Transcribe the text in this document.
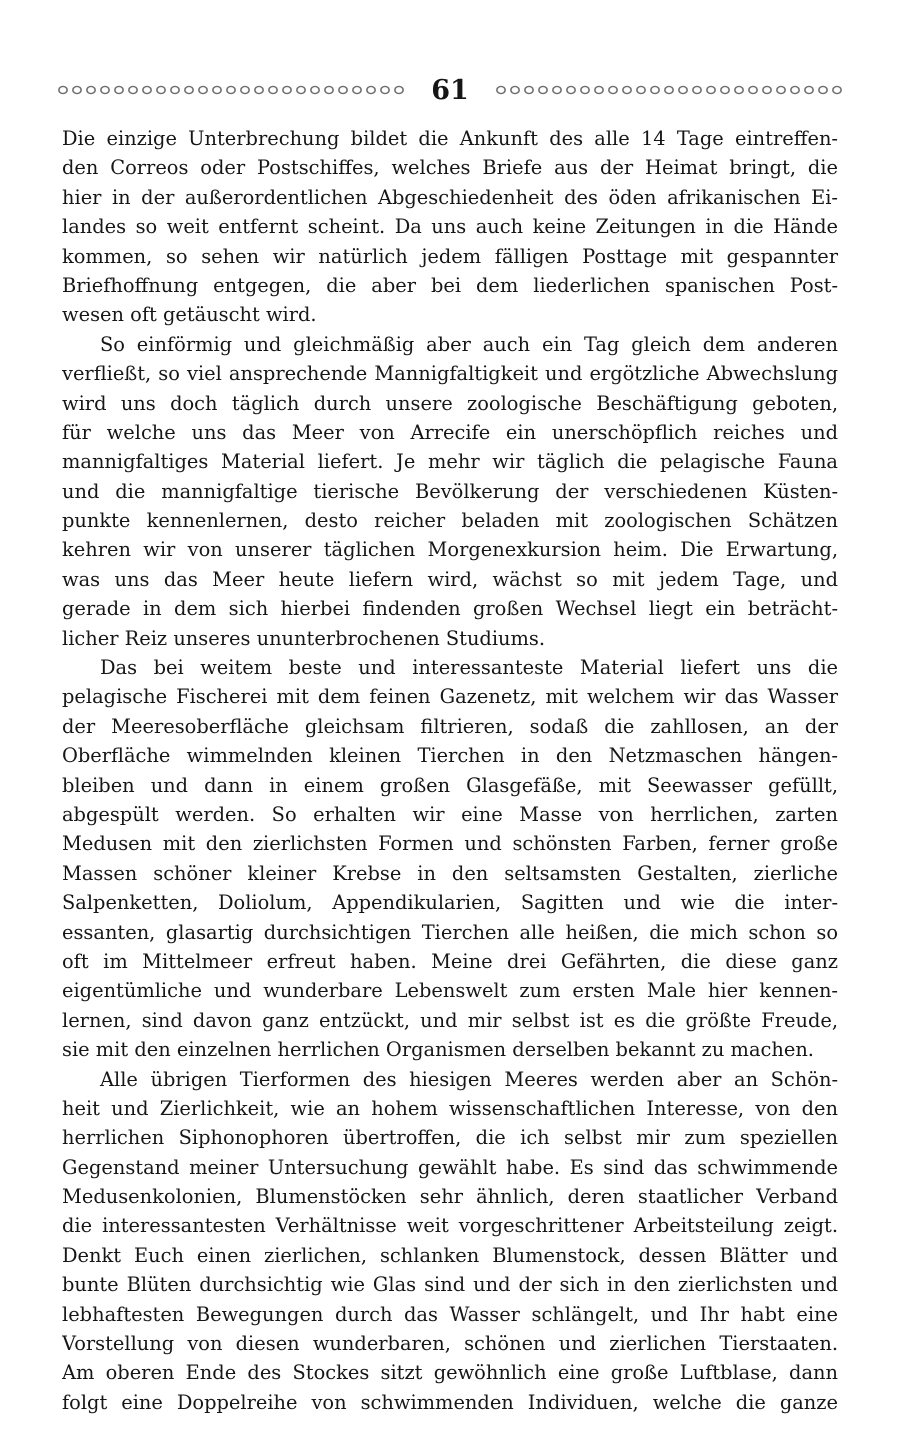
61
Die einzige Unterbrechung bildet die Ankunft des alle 14 Tage eintreffen-
den Correos oder Postschiffes, welches Briefe aus der Heimat bringt, die
hier in der außerordentlichen Abgeschiedenheit des öden afrikanischen Ei-
landes so weit entfernt scheint. Da uns auch keine Zeitungen in die Hände
kommen, so sehen wir natürlich jedem fälligen Posttage mit gespannter
Briefhoffnung entgegen, die aber bei dem liederlichen spanischen Post-
wesen oft getäuscht wird.
So einförmig und gleichmäßig aber auch ein Tag gleich dem anderen
verfließt, so viel ansprechende Mannigfaltigkeit und ergötzliche Abwechslung
wird uns doch täglich durch unsere zoologische Beschäftigung geboten,
für welche uns das Meer von Arrecife ein unerschöpflich reiches und
mannigfaltiges Material liefert. Je mehr wir täglich die pelagische Fauna
und die mannigfaltige tierische Bevölkerung der verschiedenen Küsten-
punkte kennenlernen, desto reicher beladen mit zoologischen Schätzen
kehren wir von unserer täglichen Morgenexkursion heim. Die Erwartung,
was uns das Meer heute liefern wird, wächst so mit jedem Tage, und
gerade in dem sich hierbei findenden großen Wechsel liegt ein beträcht-
licher Reiz unseres ununterbrochenen Studiums.
Das bei weitem beste und interessanteste Material liefert uns die
pelagische Fischerei mit dem feinen Gazenetz, mit welchem wir das Wasser
der Meeresoberfläche gleichsam filtrieren, sodaß die zahllosen, an der
Oberfläche wimmelnden kleinen Tierchen in den Netzmaschen hängen-
bleiben und dann in einem großen Glasgefäße, mit Seewasser gefüllt,
abgespült werden. So erhalten wir eine Masse von herrlichen, zarten
Medusen mit den zierlichsten Formen und schönsten Farben, ferner große
Massen schöner kleiner Krebse in den seltsamsten Gestalten, zierliche
Salpenketten, Doliolum, Appendikularien, Sagitten und wie die inter-
essanten, glasartig durchsichtigen Tierchen alle heißen, die mich schon so
oft im Mittelmeer erfreut haben. Meine drei Gefährten, die diese ganz
eigentümliche und wunderbare Lebenswelt zum ersten Male hier kennen-
lernen, sind davon ganz entzückt, und mir selbst ist es die größte Freude,
sie mit den einzelnen herrlichen Organismen derselben bekannt zu machen.
Alle übrigen Tierformen des hiesigen Meeres werden aber an Schön-
heit und Zierlichkeit, wie an hohem wissenschaftlichen Interesse, von den
herrlichen Siphonophoren übertroffen, die ich selbst mir zum speziellen
Gegenstand meiner Untersuchung gewählt habe. Es sind das schwimmende
Medusenkolonien, Blumenstöcken sehr ähnlich, deren staatlicher Verband
die interessantesten Verhältnisse weit vorgeschrittener Arbeitsteilung zeigt.
Denkt Euch einen zierlichen, schlanken Blumenstock, dessen Blätter und
bunte Blüten durchsichtig wie Glas sind und der sich in den zierlichsten und
lebhaftesten Bewegungen durch das Wasser schlängelt, und Ihr habt eine
Vorstellung von diesen wunderbaren, schönen und zierlichen Tierstaaten.
Am oberen Ende des Stockes sitzt gewöhnlich eine große Luftblase, dann
folgt eine Doppelreihe von schwimmenden Individuen, welche die ganze
